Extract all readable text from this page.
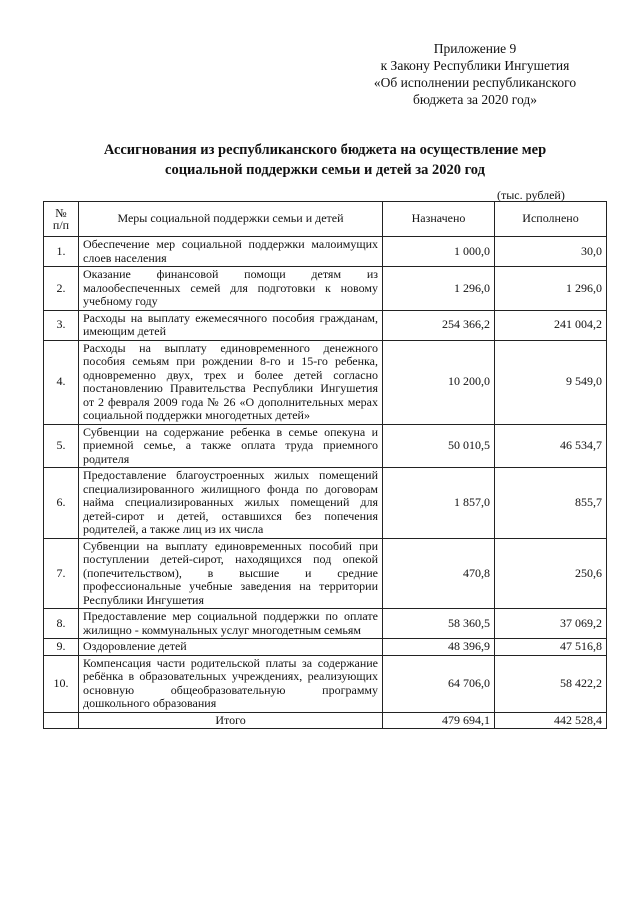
Приложение 9
к Закону Республики Ингушетия
«Об исполнении республиканского
бюджета за 2020 год»
Ассигнования из республиканского бюджета на осуществление мер
социальной поддержки семьи и детей за 2020 год
(тыс. рублей)
№
п/п	Меры социальной поддержки семьи и детей	Назначено	Исполнено
1.	Обеспечение мер социальной поддержки малоимущих слоев населения	1 000,0	30,0
2.	Оказание финансовой помощи детям из малообеспеченных семей для подготовки к новому учебному году	1 296,0	1 296,0
3.	Расходы на выплату ежемесячного пособия гражданам, имеющим детей	254 366,2	241 004,2
4.	Расходы на выплату единовременного денежного пособия семьям при рождении 8-го и 15-го ребенка, одновременно двух, трех и более детей согласно постановлению Правительства Республики Ингушетия от 2 февраля 2009 года № 26 «О дополнительных мерах социальной поддержки многодетных детей»	10 200,0	9 549,0
5.	Субвенции на содержание ребенка в семье опекуна и приемной семье, а также оплата труда приемного родителя	50 010,5	46 534,7
6.	Предоставление благоустроенных жилых помещений специализированного жилищного фонда по договорам найма специализированных жилых помещений для детей-сирот и детей, оставшихся без попечения родителей, а также лиц из их числа	1 857,0	855,7
7.	Субвенции на выплату единовременных пособий при поступлении детей-сирот, находящихся под опекой (попечительством), в высшие и средние профессиональные учебные заведения на территории Республики Ингушетия	470,8	250,6
8.	Предоставление мер социальной поддержки по оплате жилищно - коммунальных услуг многодетным семьям	58 360,5	37 069,2
9.	Оздоровление детей	48 396,9	47 516,8
10.	Компенсация части родительской платы за содержание ребёнка в образовательных учреждениях, реализующих основную общеобразовательную программу дошкольного образования	64 706,0	58 422,2
	Итого	479 694,1	442 528,4
